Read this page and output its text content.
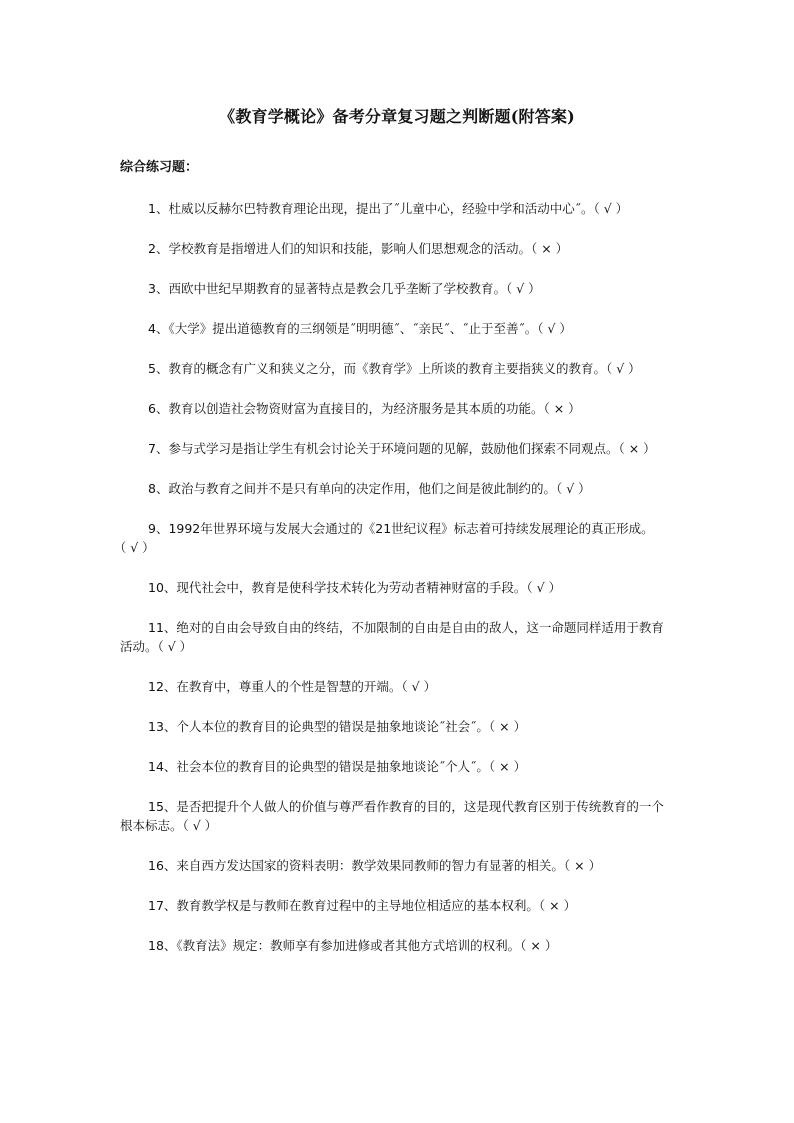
《教育学概论》备考分章复习题之判断题(附答案)
综合练习题：
1、杜威以反赫尔巴特教育理论出现，提出了˝儿童中心，经验中学和活动中心˝。（ √ ）
2、学校教育是指增进人们的知识和技能，影响人们思想观念的活动。（ × ）
3、西欧中世纪早期教育的显著特点是教会几乎垄断了学校教育。（ √ ）
4、《大学》提出道德教育的三纲领是˝明明德˝、˝亲民˝、˝止于至善˝。（ √ ）
5、教育的概念有广义和狭义之分，而《教育学》上所谈的教育主要指狭义的教育。（ √ ）
6、教育以创造社会物资财富为直接目的，为经济服务是其本质的功能。（ × ）
7、参与式学习是指让学生有机会讨论关于环境问题的见解，鼓励他们探索不同观点。（ × ）
8、政治与教育之间并不是只有单向的决定作用，他们之间是彼此制约的。（ √ ）
9、1992年世界环境与发展大会通过的《21世纪议程》标志着可持续发展理论的真正形成。（ √ ）
10、现代社会中，教育是使科学技术转化为劳动者精神财富的手段。（ √ ）
11、绝对的自由会导致自由的终结，不加限制的自由是自由的敌人，这一命题同样适用于教育活动。（ √ ）
12、在教育中，尊重人的个性是智慧的开端。（ √ ）
13、个人本位的教育目的论典型的错误是抽象地谈论˝社会˝。（ × ）
14、社会本位的教育目的论典型的错误是抽象地谈论˝个人˝。（ × ）
15、是否把提升个人做人的价值与尊严看作教育的目的，这是现代教育区别于传统教育的一个根本标志。（ √ ）
16、来自西方发达国家的资料表明：教学效果同教师的智力有显著的相关。（ × ）
17、教育教学权是与教师在教育过程中的主导地位相适应的基本权利。（ × ）
18、《教育法》规定：教师享有参加进修或者其他方式培训的权利。（ × ）
